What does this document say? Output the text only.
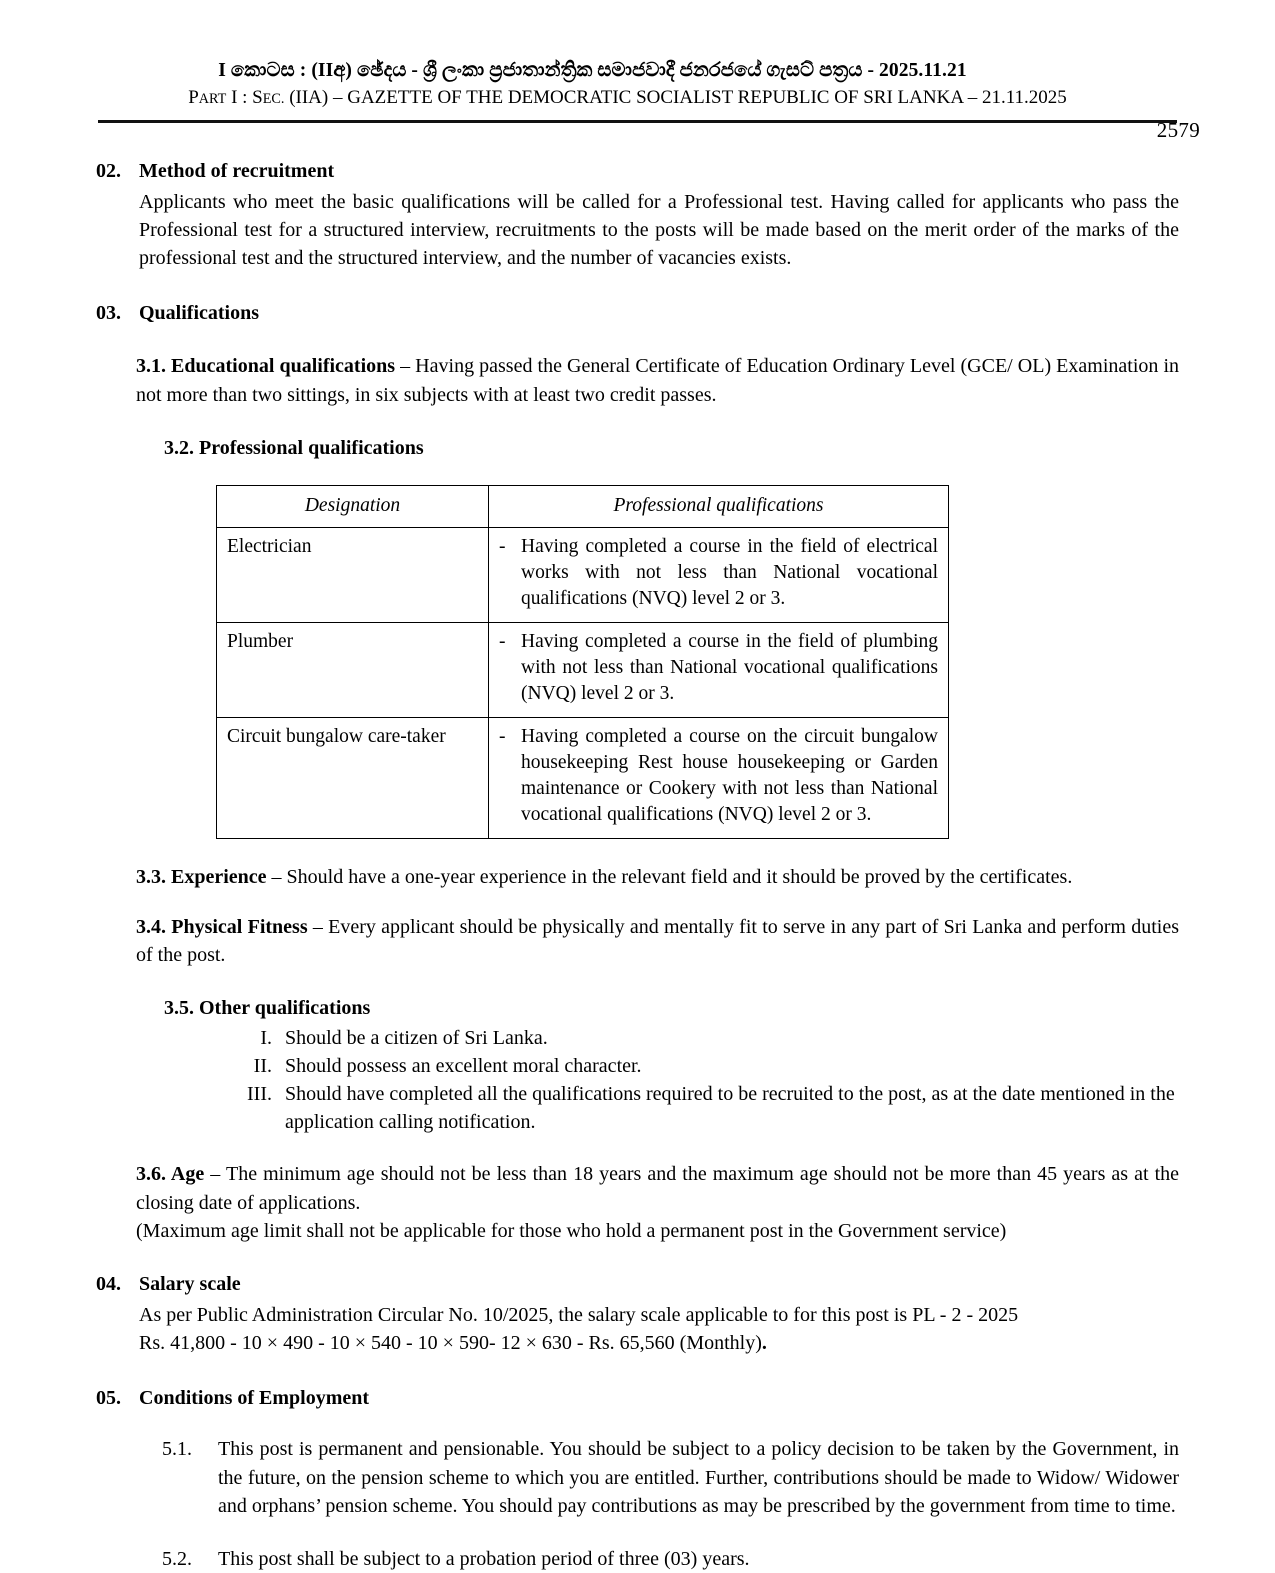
I කොටස : (IIඅ) ඡේදය - ශ්‍රී ලංකා ප්‍රජාතාන්ත්‍රික සමාජවාදී ජනරජයේ ගැසට් පත්‍රය - 2025.11.21
2579
PART I : SEC. (IIA) – GAZETTE OF THE DEMOCRATIC SOCIALIST REPUBLIC OF SRI LANKA – 21.11.2025
02. Method of recruitment
Applicants who meet the basic qualifications will be called for a Professional test. Having called for applicants who pass the Professional test for a structured interview, recruitments to the posts will be made based on the merit order of the marks of the professional test and the structured interview, and the number of vacancies exists.
03. Qualifications
3.1. Educational qualifications – Having passed the General Certificate of Education Ordinary Level (GCE/ OL) Examination in not more than two sittings, in six subjects with at least two credit passes.
3.2. Professional qualifications
Designation	Professional qualifications
Electrician	- Having completed a course in the field of electrical works with not less than National vocational qualifications (NVQ) level 2 or 3.

Plumber	- Having completed a course in the field of plumbing with not less than National vocational qualifications (NVQ) level 2 or 3.

Circuit bungalow care-taker	- Having completed a course on the circuit bungalow housekeeping Rest house housekeeping or Garden maintenance or Cookery with not less than National vocational qualifications (NVQ) level 2 or 3.
3.3. Experience – Should have a one-year experience in the relevant field and it should be proved by the certificates.
3.4. Physical Fitness – Every applicant should be physically and mentally fit to serve in any part of Sri Lanka and perform duties of the post.
3.5. Other qualifications
I. Should be a citizen of Sri Lanka.
II. Should possess an excellent moral character.
III. Should have completed all the qualifications required to be recruited to the post, as at the date mentioned in the application calling notification.
3.6. Age – The minimum age should not be less than 18 years and the maximum age should not be more than 45 years as at the closing date of applications.
(Maximum age limit shall not be applicable for those who hold a permanent post in the Government service)
04. Salary scale
As per Public Administration Circular No. 10/2025, the salary scale applicable to for this post is PL - 2 - 2025
Rs. 41,800 - 10 × 490 - 10 × 540 - 10 × 590- 12 × 630 - Rs. 65,560 (Monthly).
05. Conditions of Employment
5.1.	This post is permanent and pensionable. You should be subject to a policy decision to be taken by the Government, in the future, on the pension scheme to which you are entitled. Further, contributions should be made to Widow/ Widower and orphans’ pension scheme. You should pay contributions as may be prescribed by the government from time to time.
5.2.	This post shall be subject to a probation period of three (03) years.
